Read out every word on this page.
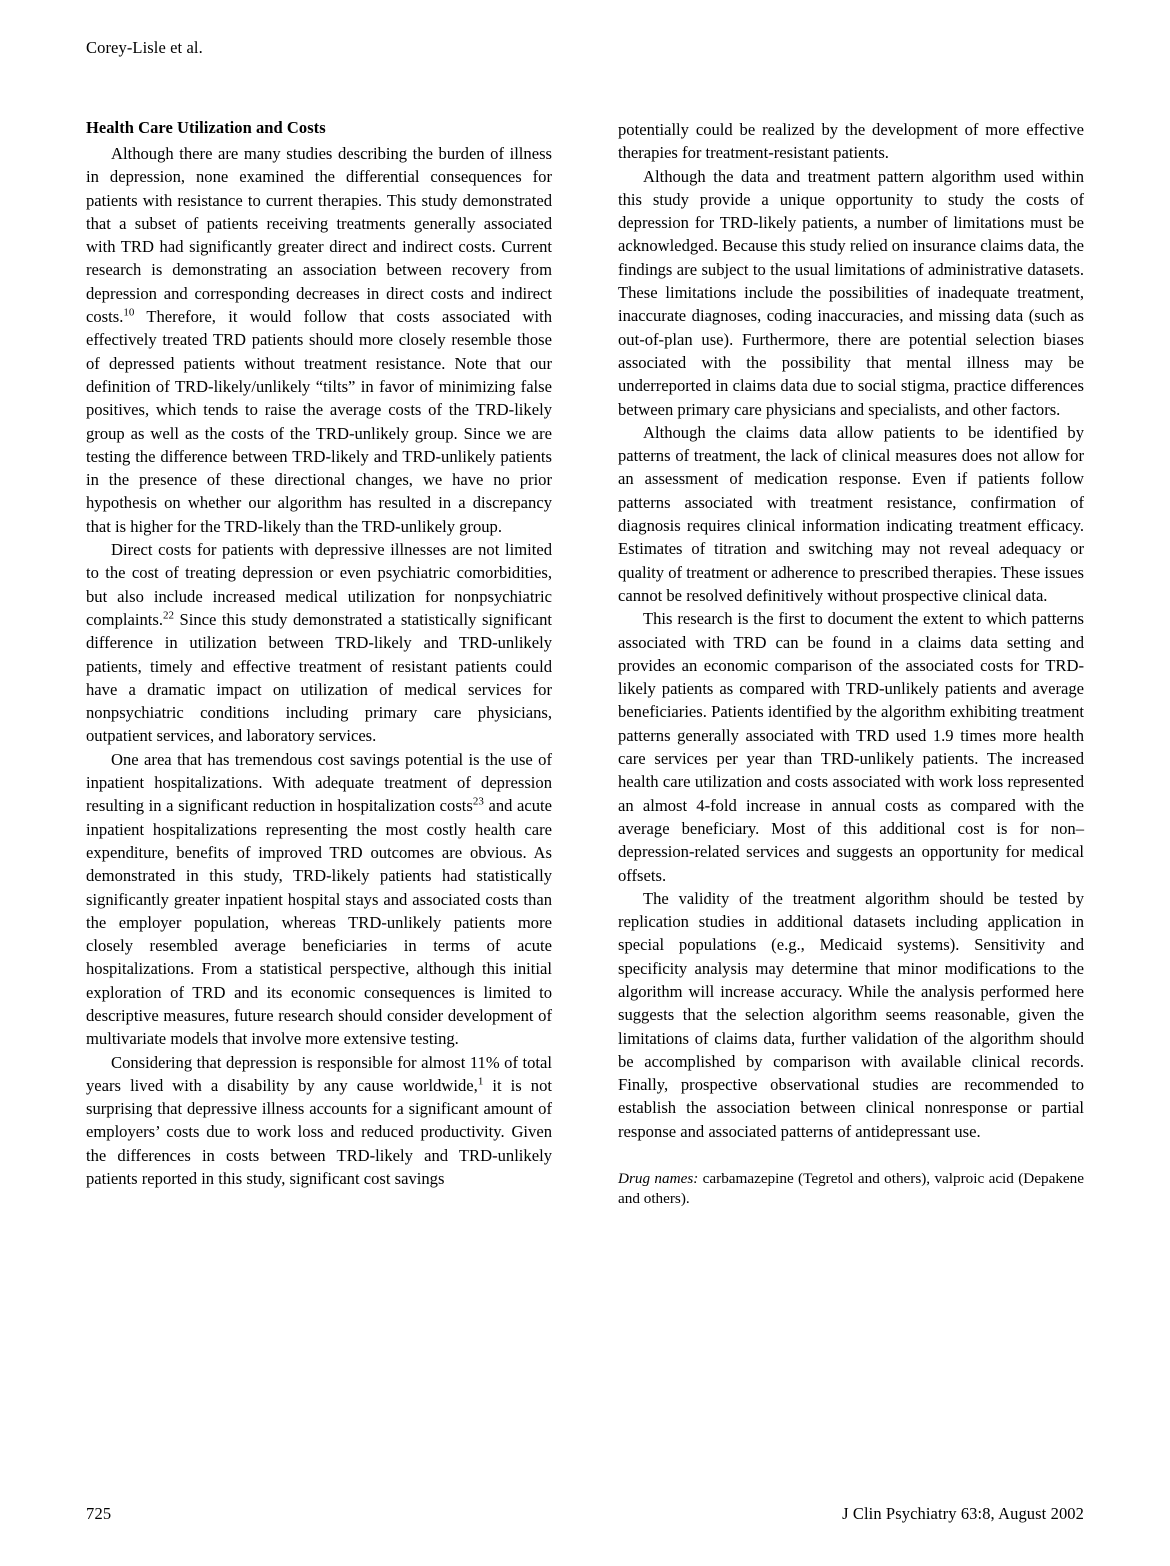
Corey-Lisle et al.
Health Care Utilization and Costs

Although there are many studies describing the burden of illness in depression, none examined the differential consequences for patients with resistance to current therapies. This study demonstrated that a subset of patients receiving treatments generally associated with TRD had significantly greater direct and indirect costs. Current research is demonstrating an association between recovery from depression and corresponding decreases in direct costs and indirect costs.$^{10}$ Therefore, it would follow that costs associated with effectively treated TRD patients should more closely resemble those of depressed patients without treatment resistance. Note that our definition of TRD-likely/unlikely “tilts” in favor of minimizing false positives, which tends to raise the average costs of the TRD-likely group as well as the costs of the TRD-unlikely group. Since we are testing the difference between TRD-likely and TRD-unlikely patients in the presence of these directional changes, we have no prior hypothesis on whether our algorithm has resulted in a discrepancy that is higher for the TRD-likely than the TRD-unlikely group.

Direct costs for patients with depressive illnesses are not limited to the cost of treating depression or even psychiatric comorbidities, but also include increased medical utilization for nonpsychiatric complaints.$^{22}$ Since this study demonstrated a statistically significant difference in utilization between TRD-likely and TRD-unlikely patients, timely and effective treatment of resistant patients could have a dramatic impact on utilization of medical services for nonpsychiatric conditions including primary care physicians, outpatient services, and laboratory services.

One area that has tremendous cost savings potential is the use of inpatient hospitalizations. With adequate treatment of depression resulting in a significant reduction in hospitalization costs$^{23}$ and acute inpatient hospitalizations representing the most costly health care expenditure, benefits of improved TRD outcomes are obvious. As demonstrated in this study, TRD-likely patients had statistically significantly greater inpatient hospital stays and associated costs than the employer population, whereas TRD-unlikely patients more closely resembled average beneficiaries in terms of acute hospitalizations. From a statistical perspective, although this initial exploration of TRD and its economic consequences is limited to descriptive measures, future research should consider development of multivariate models that involve more extensive testing.

Considering that depression is responsible for almost 11% of total years lived with a disability by any cause worldwide,$^1$ it is not surprising that depressive illness accounts for a significant amount of employers’ costs due to work loss and reduced productivity. Given the differences in costs between TRD-likely and TRD-unlikely patients reported in this study, significant cost savings

potentially could be realized by the development of more effective therapies for treatment-resistant patients.

Although the data and treatment pattern algorithm used within this study provide a unique opportunity to study the costs of depression for TRD-likely patients, a number of limitations must be acknowledged. Because this study relied on insurance claims data, the findings are subject to the usual limitations of administrative datasets. These limitations include the possibilities of inadequate treatment, inaccurate diagnoses, coding inaccuracies, and missing data (such as out-of-plan use). Furthermore, there are potential selection biases associated with the possibility that mental illness may be underreported in claims data due to social stigma, practice differences between primary care physicians and specialists, and other factors.

Although the claims data allow patients to be identified by patterns of treatment, the lack of clinical measures does not allow for an assessment of medication response. Even if patients follow patterns associated with treatment resistance, confirmation of diagnosis requires clinical information indicating treatment efficacy. Estimates of titration and switching may not reveal adequacy or quality of treatment or adherence to prescribed therapies. These issues cannot be resolved definitively without prospective clinical data.

This research is the first to document the extent to which patterns associated with TRD can be found in a claims data setting and provides an economic comparison of the associated costs for TRD-likely patients as compared with TRD-unlikely patients and average beneficiaries. Patients identified by the algorithm exhibiting treatment patterns generally associated with TRD used 1.9 times more health care services per year than TRD-unlikely patients. The increased health care utilization and costs associated with work loss represented an almost 4-fold increase in annual costs as compared with the average beneficiary. Most of this additional cost is for non–depression-related services and suggests an opportunity for medical offsets.

The validity of the treatment algorithm should be tested by replication studies in additional datasets including application in special populations (e.g., Medicaid systems). Sensitivity and specificity analysis may determine that minor modifications to the algorithm will increase accuracy. While the analysis performed here suggests that the selection algorithm seems reasonable, given the limitations of claims data, further validation of the algorithm should be accomplished by comparison with available clinical records. Finally, prospective observational studies are recommended to establish the association between clinical nonresponse or partial response and associated patterns of antidepressant use.

Drug names: carbamazepine (Tegretol and others), valproic acid (Depakene and others).
725	J Clin Psychiatry 63:8, August 2002
